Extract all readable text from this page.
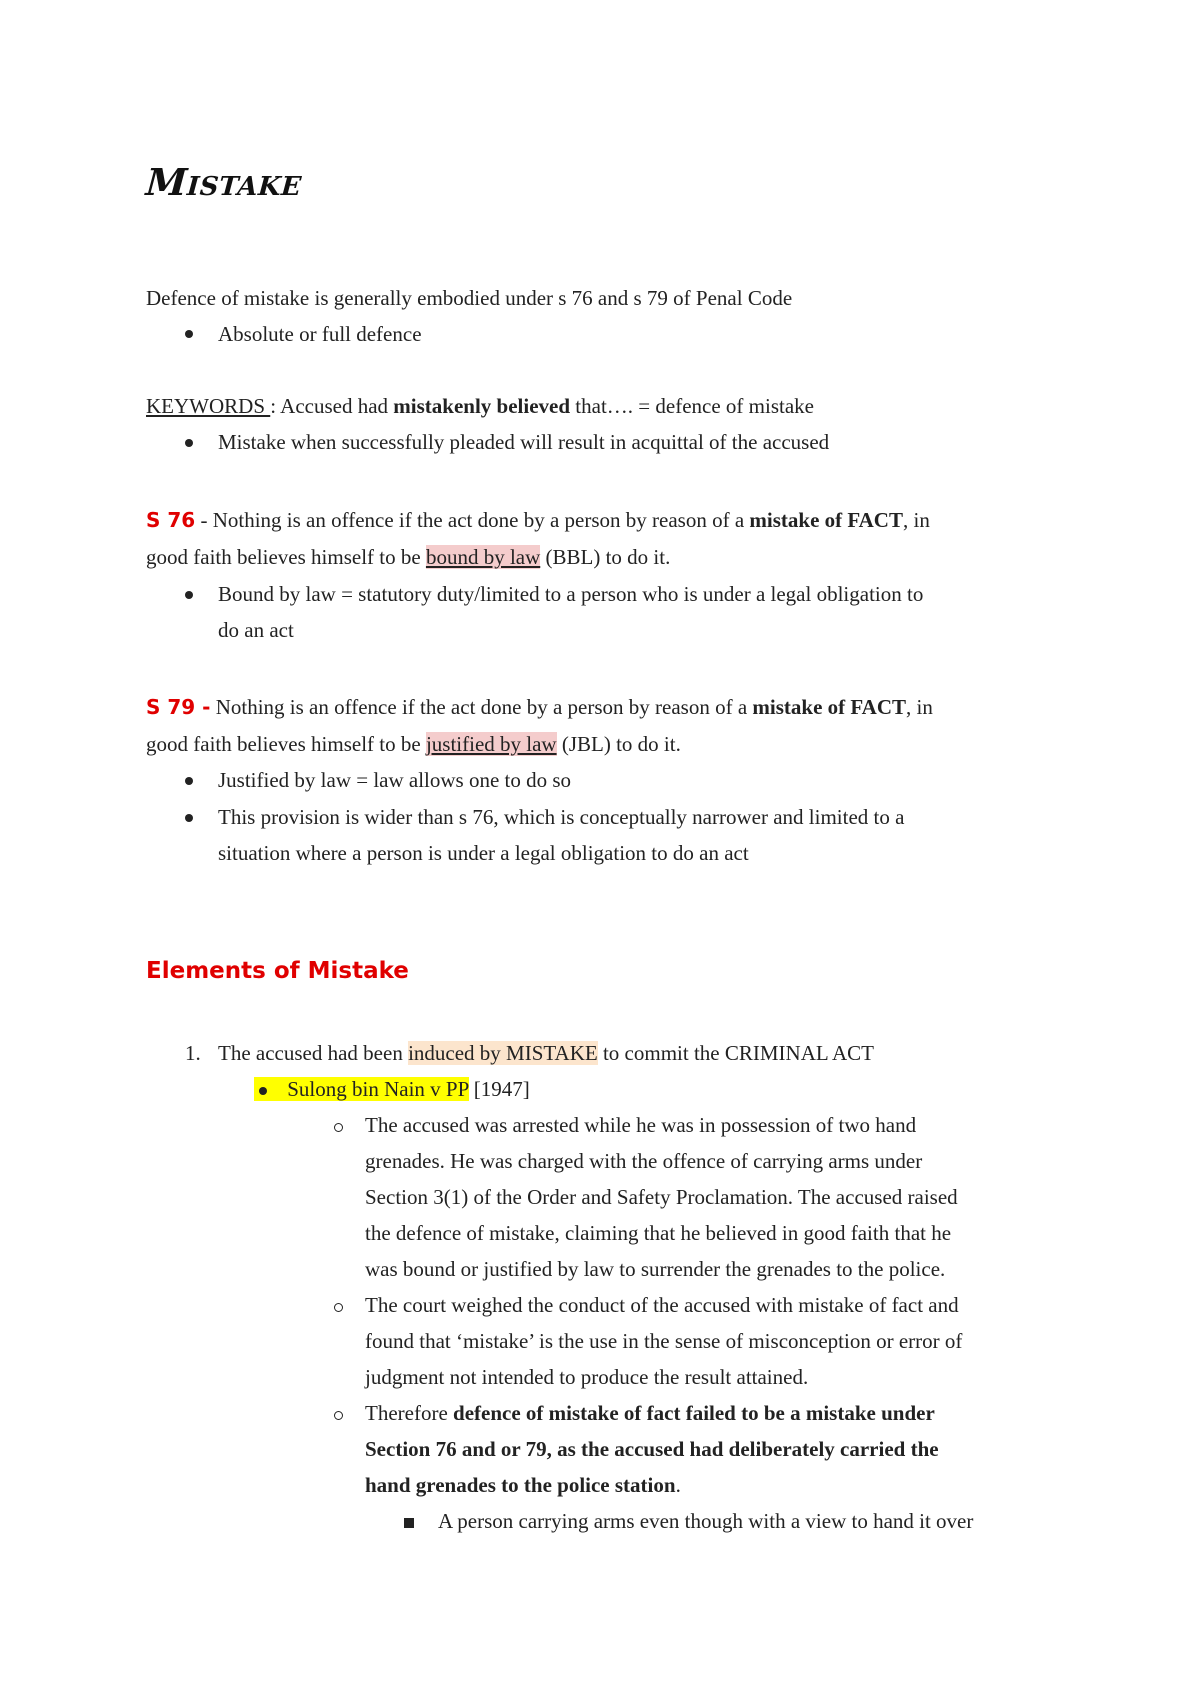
Mistake
Defence of mistake is generally embodied under s 76 and s 79 of Penal Code
Absolute or full defence
KEYWORDS : Accused had mistakenly believed that…. = defence of mistake
Mistake when successfully pleaded will result in acquittal of the accused
S 76 - Nothing is an offence if the act done by a person by reason of a mistake of FACT, in
good faith believes himself to be bound by law (BBL) to do it.
Bound by law = statutory duty/limited to a person who is under a legal obligation to
do an act
S 79 - Nothing is an offence if the act done by a person by reason of a mistake of FACT, in
good faith believes himself to be justified by law (JBL) to do it.
Justified by law = law allows one to do so
This provision is wider than s 76, which is conceptually narrower and limited to a
situation where a person is under a legal obligation to do an act
Elements of Mistake
1. The accused had been induced by MISTAKE to commit the CRIMINAL ACT
Sulong bin Nain v PP [1947]
The accused was arrested while he was in possession of two hand
grenades. He was charged with the offence of carrying arms under
Section 3(1) of the Order and Safety Proclamation. The accused raised
the defence of mistake, claiming that he believed in good faith that he
was bound or justified by law to surrender the grenades to the police.
The court weighed the conduct of the accused with mistake of fact and
found that ‘mistake’ is the use in the sense of misconception or error of
judgment not intended to produce the result attained.
Therefore defence of mistake of fact failed to be a mistake under
Section 76 and or 79, as the accused had deliberately carried the
hand grenades to the police station.
A person carrying arms even though with a view to hand it over
